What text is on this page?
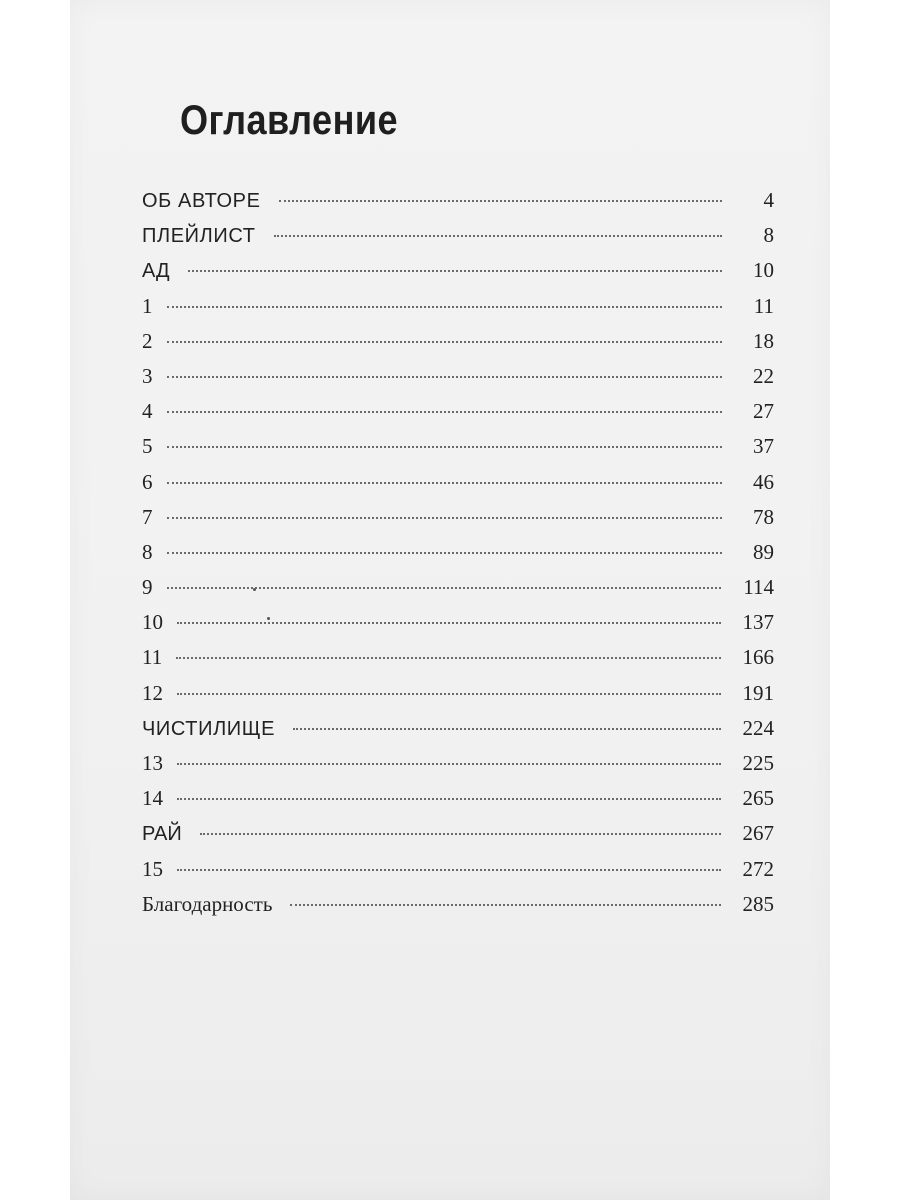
Оглавление
ОБ АВТОРЕ	4
ПЛЕЙЛИСТ	8
АД	10
1	11
2	18
3	22
4	27
5	37
6	46
7	78
8	89
9	114
10	137
11	166
12	191
ЧИСТИЛИЩЕ	224
13	225
14	265
РАЙ	267
15	272
Благодарность	285
